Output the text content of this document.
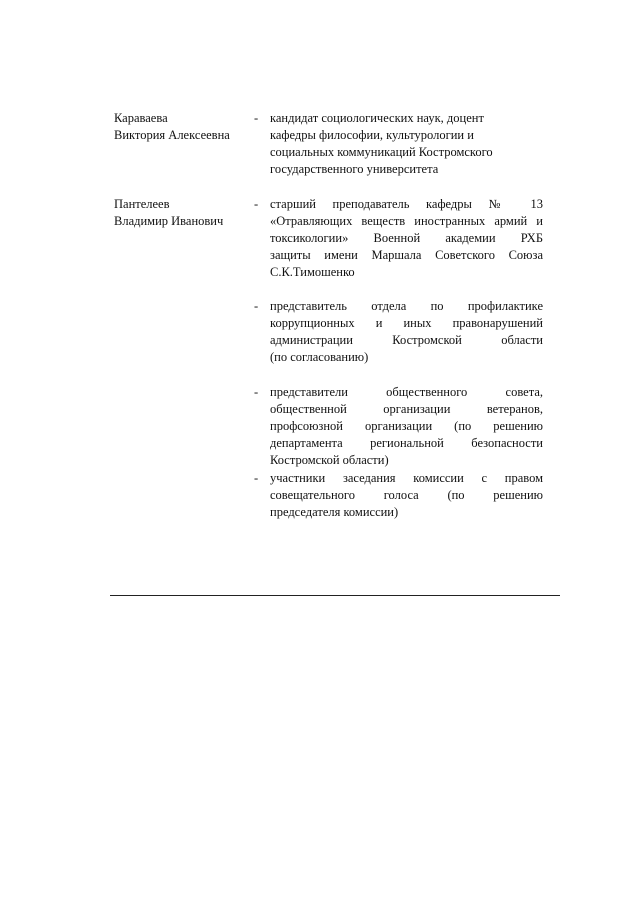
Караваева
Виктория Алексеевна
- кандидат социологических наук, доцент
кафедры философии, культурологии и
социальных коммуникаций Костромского
государственного университета
Пантелеев
Владимир Иванович
- старший преподаватель кафедры № 13
«Отравляющих веществ иностранных армий и
токсикологии» Военной академии РХБ
защиты имени Маршала Советского Союза
С.К.Тимошенко
- представитель отдела по профилактике
коррупционных и иных правонарушений
администрации Костромской области
(по согласованию)
- представители общественного совета,
общественной организации ветеранов,
профсоюзной организации (по решению
департамента региональной безопасности
Костромской области)
- участники заседания комиссии с правом
совещательного голоса (по решению
председателя комиссии)
